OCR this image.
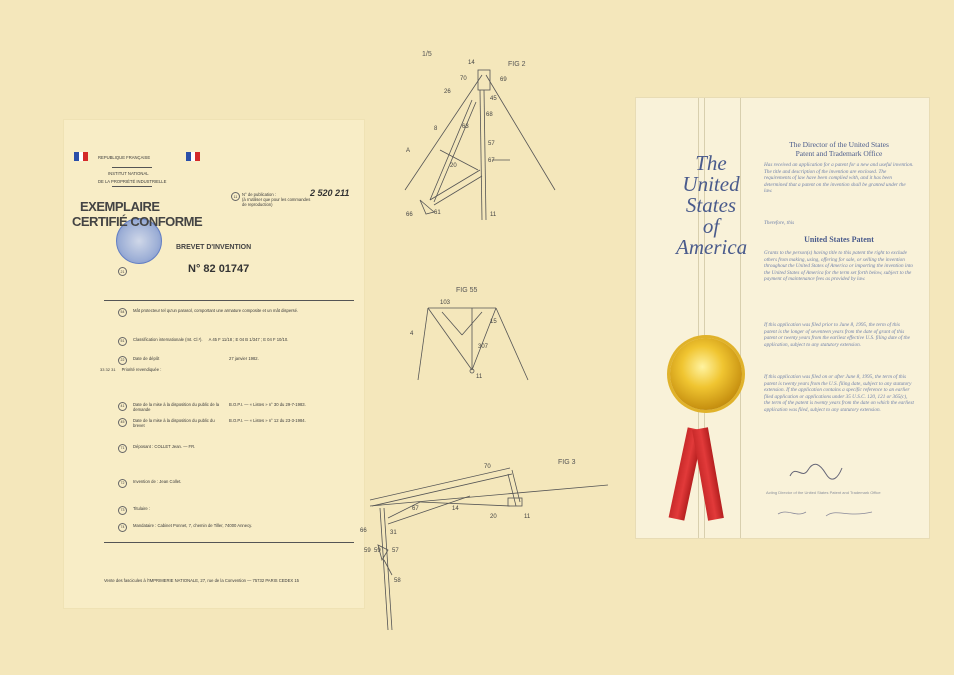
REPUBLIQUE FRANÇAISE
INSTITUT NATIONAL
DE LA PROPRIÉTÉ INDUSTRIELLE
EXEMPLAIRE
CERTIFIÉ CONFORME
11	N° de publication :
(à n'utiliser que pour les commandes de reproduction)
2 520 211
BREVET D'INVENTION
21	N° 82 01747
54	Mât protecteur tel qu'un parasol, comportant une armature composite et un mât dispersé.
51	Classification internationale (Int. Cl.³). A 45 F 11/18 ; E 04 B 1/347 ; E 04 F 10/10.
22	Date de dépôt	27 janvier 1982.
33 32 31 Priorité revendiquée :
41	Date de la mise à la disposition du public de la demande
B.O.P.I. — « Listes » n° 30 du 29-7-1983.
45	Date de la mise à la disposition du public du brevet
B.O.P.I. — « Listes » n° 12 du 23-3-1984.
71	Déposant : COLLET Jean. — FR.
72	Invention de : Jean Collet.
73	Titulaire :
74	Mandataire : Cabinet Ponnet, 7, chemin de Tiller, 74000 Annecy.
Vente des fascicules à l'IMPRIMERIE NATIONALE, 27, rue de la Convention — 75732 PARIS CEDEX 15
1/5
FIG 2
14
70	69
26
45
68
63
8
57
20
67
A
66	61	11
FIG 55
103
4
15
307
11
FIG 3
70
67	14
20	11
66	31
59 59 57
58
The
United
States
of
America
The Director of the United States
Patent and Trademark Office
Has received an application for a patent for a new and useful invention. The title and description of the invention are enclosed. The requirements of law have been complied with, and it has been determined that a patent on the invention shall be granted under the law.
Therefore, this
United States Patent
Grants to the person(s) having title to this patent the right to exclude others from making, using, offering for sale, or selling the invention throughout the United States of America or importing the invention into the United States of America for the term set forth below, subject to the payment of maintenance fees as provided by law.
If this application was filed prior to June 8, 1995, the term of this patent is the longer of seventeen years from the date of grant of this patent or twenty years from the earliest effective U.S. filing date of the application, subject to any statutory extension.
If this application was filed on or after June 8, 1995, the term of this patent is twenty years from the U.S. filing date, subject to any statutory extension. If the application contains a specific reference to an earlier filed application or applications under 35 U.S.C. 120, 121 or 365(c), the term of the patent is twenty years from the date on which the earliest application was filed, subject to any statutory extension.
Acting Director of the United States Patent and Trademark Office
